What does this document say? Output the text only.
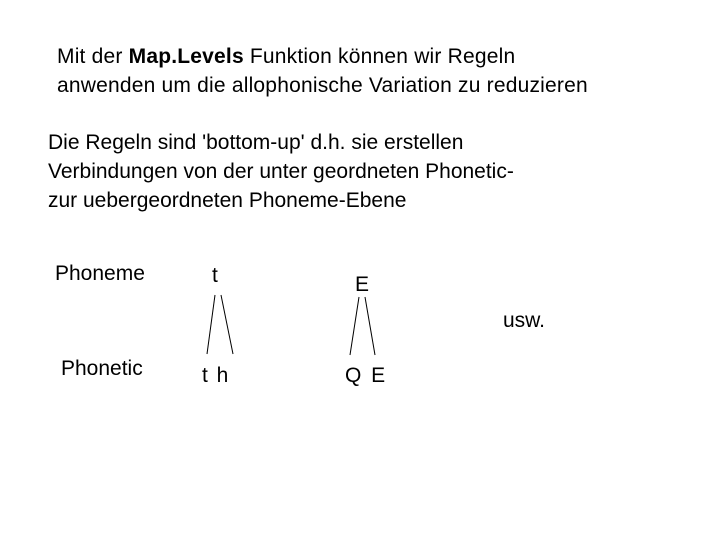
Mit der Map.Levels Funktion können wir Regeln
anwenden um die allophonische Variation zu reduzieren
Die Regeln sind 'bottom-up' d.h. sie erstellen
Verbindungen von der unter geordneten Phonetic-
zur uebergeordneten Phoneme-Ebene
Phoneme
Phonetic
t
t h
E
Q E
usw.
